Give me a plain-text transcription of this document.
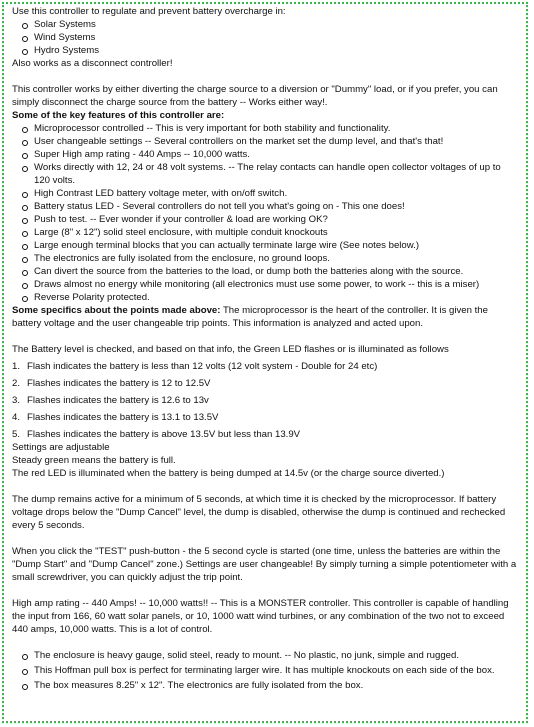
Use this controller to regulate and prevent battery overcharge in:

Solar Systems
Wind Systems
Hydro Systems

Also works as a disconnect controller!

This controller works by either diverting the charge source to a diversion or "Dummy" load, or if you prefer, you can simply disconnect the charge source from the battery -- Works either way!.

Some of the key features of this controller are:

Microprocessor controlled -- This is very important for both stability and functionality.
User changeable settings -- Several controllers on the market set the dump level, and that's that!
Super High amp rating - 440 Amps -- 10,000 watts.
Works directly with 12, 24 or 48 volt systems. -- The relay contacts can handle open collector voltages of up to 120 volts.
High Contrast LED battery voltage meter, with on/off switch.
Battery status LED - Several controllers do not tell you what's going on - This one does!
Push to test. -- Ever wonder if your controller & load are working OK?
Large (8" x 12") solid steel enclosure, with multiple conduit knockouts
Large enough terminal blocks that you can actually terminate large wire (See notes below.)
The electronics are fully isolated from the enclosure, no ground loops.
Can divert the source from the batteries to the load, or dump both the batteries along with the source.
Draws almost no energy while monitoring (all electronics must use some power, to work -- this is a miser)
Reverse Polarity protected.

Some specifics about the points made above: The microprocessor is the heart of the controller. It is given the battery voltage and the user changeable trip points. This information is analyzed and acted upon.

The Battery level is checked, and based on that info, the Green LED flashes or is illuminated as follows

1. Flash indicates the battery is less than 12 volts (12 volt system - Double for 24 etc)
2. Flashes indicates the battery is 12 to 12.5V
3. Flashes indicates the battery is 12.6 to 13v
4. Flashes indicates the battery is 13.1 to 13.5V
5. Flashes indicates the battery is above 13.5V but less than 13.9V

Settings are adjustable

Steady green means the battery is full.

The red LED is illuminated when the battery is being dumped at 14.5v (or the charge source diverted.)

The dump remains active for a minimum of 5 seconds, at which time it is checked by the microprocessor. If battery voltage drops below the "Dump Cancel" level, the dump is disabled, otherwise the dump is continued and rechecked every 5 seconds.

When you click the "TEST" push-button - the 5 second cycle is started (one time, unless the batteries are within the "Dump Start" and "Dump Cancel" zone.) Settings are user changeable! By simply turning a simple potentiometer with a small screwdriver, you can quickly adjust the trip point.

High amp rating -- 440 Amps! -- 10,000 watts!! -- This is a MONSTER controller. This controller is capable of handling the input from 166, 60 watt solar panels, or 10, 1000 watt wind turbines, or any combination of the two not to exceed 440 amps, 10,000 watts. This is a lot of control.

The enclosure is heavy gauge, solid steel, ready to mount. -- No plastic, no junk, simple and rugged.
This Hoffman pull box is perfect for terminating larger wire. It has multiple knockouts on each side of the box.
The box measures 8.25" x 12". The electronics are fully isolated from the box.
